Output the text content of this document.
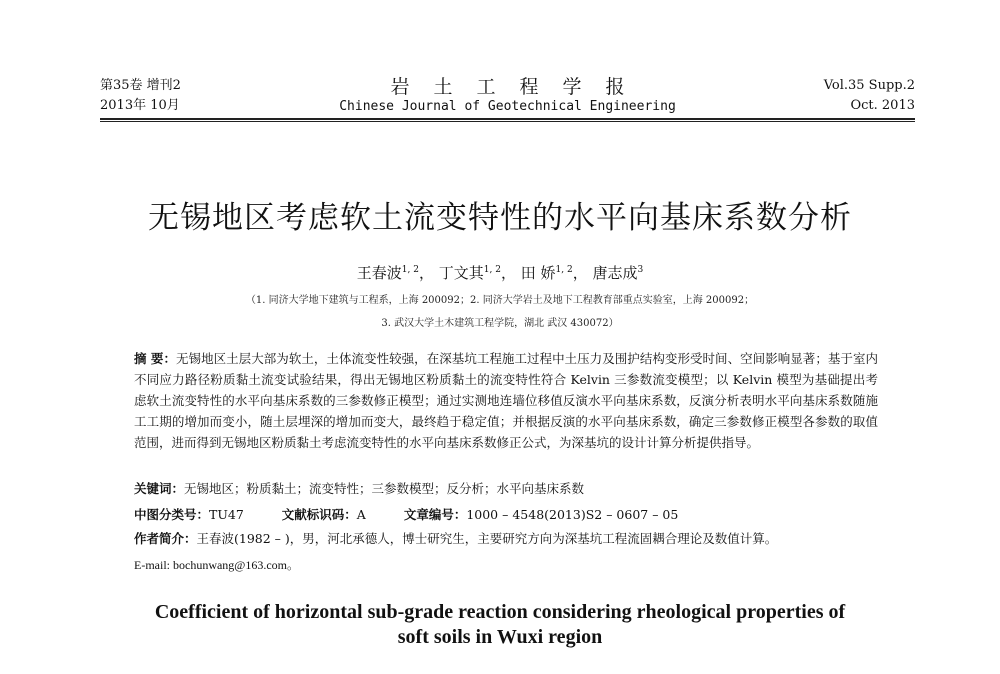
第35卷 增刊2
2013年 10月
岩土工程学报
Chinese Journal of Geotechnical Engineering
Vol.35 Supp.2
Oct. 2013
无锡地区考虑软土流变特性的水平向基床系数分析
王春波$^{1, 2}$， 丁文其$^{1, 2}$， 田 娇$^{1, 2}$， 唐志成$^3$
（1. 同济大学地下建筑与工程系，上海 200092；2. 同济大学岩土及地下工程教育部重点实验室，上海 200092；
3. 武汉大学土木建筑工程学院，湖北 武汉 430072）
摘 要：无锡地区土层大部为软土，土体流变性较强，在深基坑工程施工过程中土压力及围护结构变形受时间、空间影响显著；基于室内不同应力路径粉质黏土流变试验结果，得出无锡地区粉质黏土的流变特性符合 Kelvin 三参数流变模型；以 Kelvin 模型为基础提出考虑软土流变特性的水平向基床系数的三参数修正模型；通过实测地连墙位移值反演水平向基床系数，反演分析表明水平向基床系数随施工工期的增加而变小，随土层埋深的增加而变大，最终趋于稳定值；并根据反演的水平向基床系数，确定三参数修正模型各参数的取值范围，进而得到无锡地区粉质黏土考虑流变特性的水平向基床系数修正公式，为深基坑的设计计算分析提供指导。
关键词：无锡地区；粉质黏土；流变特性；三参数模型；反分析；水平向基床系数
中图分类号：TU47	文献标识码：A	文章编号：1000 – 4548(2013)S2 – 0607 – 05
作者简介：王春波(1982 – )，男，河北承德人，博士研究生，主要研究方向为深基坑工程流固耦合理论及数值计算。
E-mail: bochunwang@163.com。
Coefficient of horizontal sub-grade reaction considering rheological properties of
soft soils in Wuxi region
